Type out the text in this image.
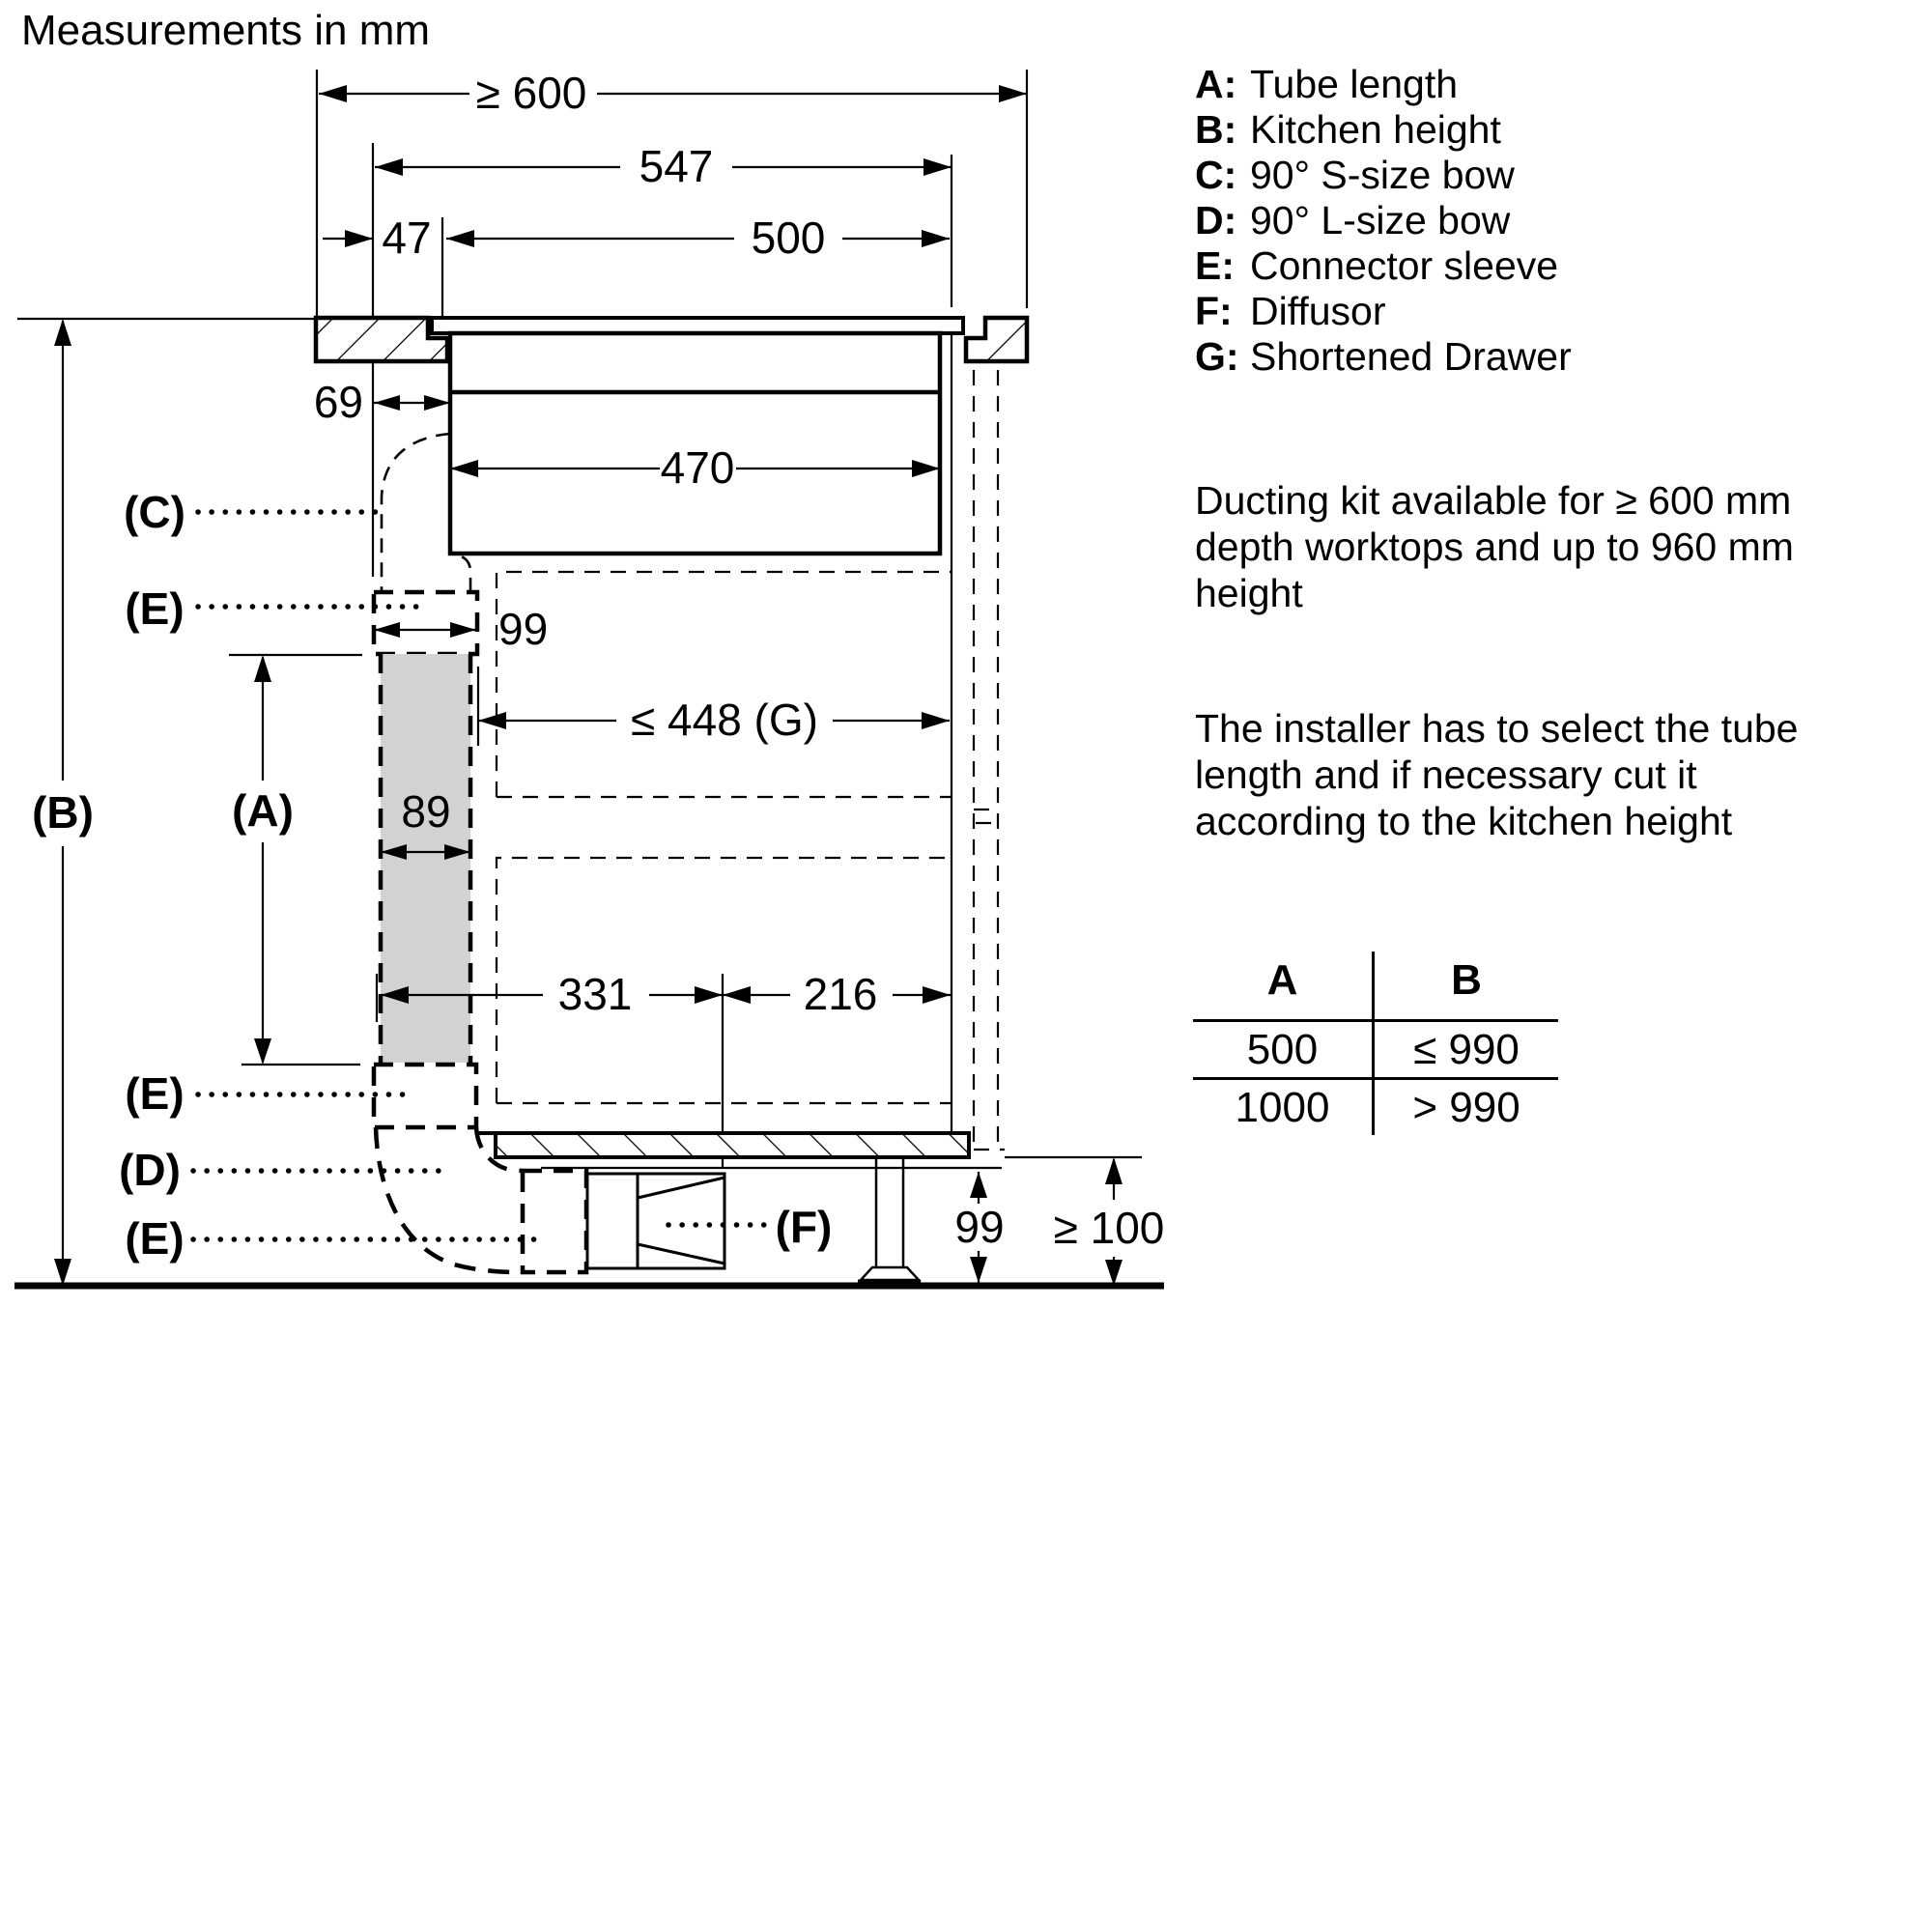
Measurements in mm
≥ 600
547
47	500
69
470
99
≤ 448 (G)
89
331	216
99 ≥ 100
(B)	(A)
(C)
(E)
(E)
(D)
(E)	(F)
A: Tube length
B: Kitchen height
C: 90° S-size bow
D: 90° L-size bow
E: Connector sleeve
F: Diffusor
G: Shortened Drawer
Ducting kit available for ≥ 600 mm
depth worktops and up to 960 mm
height
The installer has to select the tube
length and if necessary cut it
according to the kitchen height
A	B
500	≤ 990
1000	> 990
